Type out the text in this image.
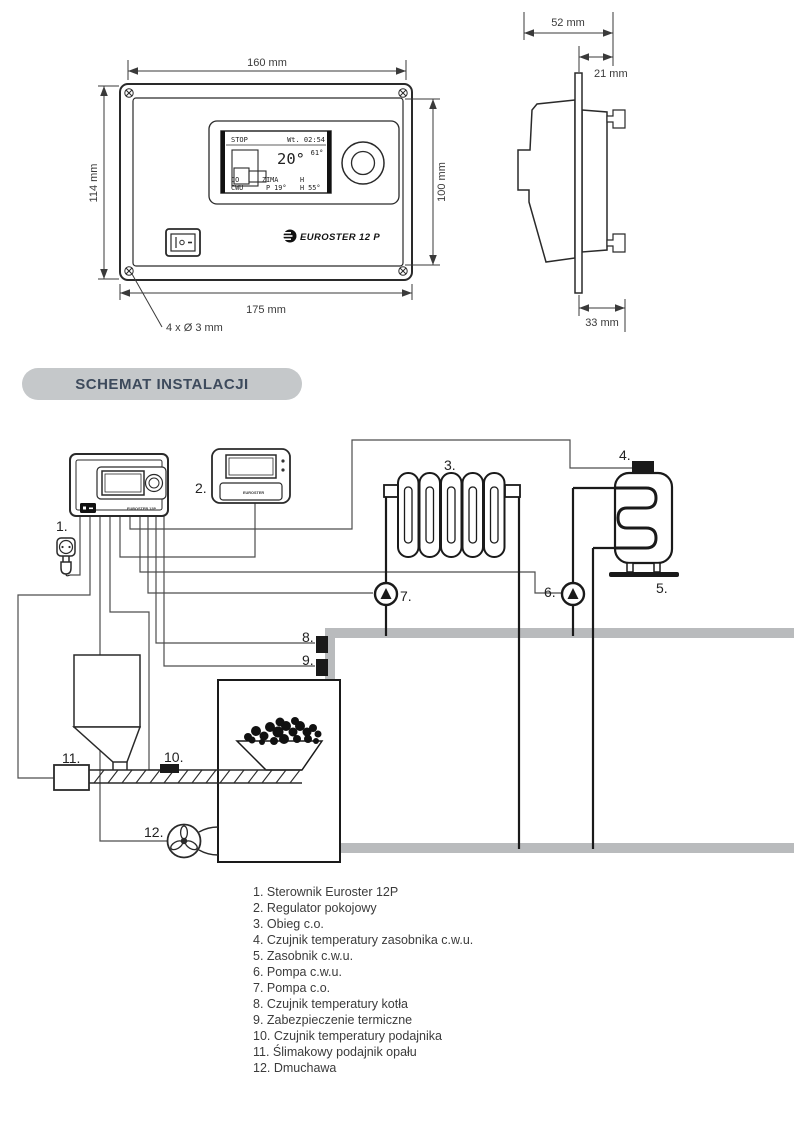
STOP	Wt. 02:54
20° 61°
CO
CWU
ZIMA
P 19°
H
H 55°
EUROSTER 12 P
160 mm
114 mm	100 mm
175 mm
4 x Ø 3 mm
52 mm
21 mm
33 mm
SCHEMAT INSTALACJI
EUROSTER 12P
EUROSTER
1.
2.
3.
4.
5.
6.
7.
8.
9.
10.
11.
12.
1. Sterownik Euroster 12P
2. Regulator pokojowy
3. Obieg c.o.
4. Czujnik temperatury zasobnika c.w.u.
5. Zasobnik c.w.u.
6. Pompa c.w.u.
7. Pompa c.o.
8. Czujnik temperatury kotła
9. Zabezpieczenie termiczne
10. Czujnik temperatury podajnika
11. Ślimakowy podajnik opału
12. Dmuchawa
